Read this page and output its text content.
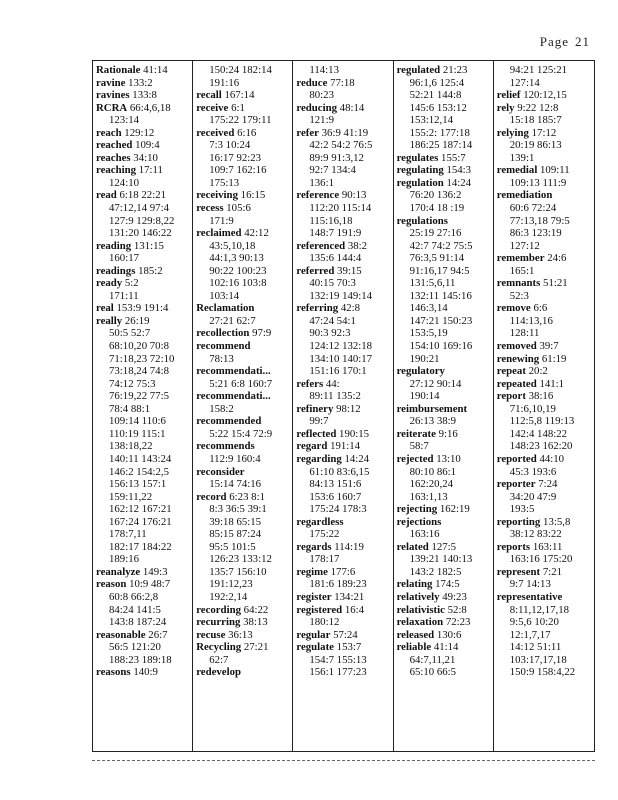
Page 21
Rationale 41:14
ravine 133:2
ravines 133:8
RCRA 66:4,6,18
123:14
reach 129:12
reached 109:4
reaches 34:10
reaching 17:11
124:10
read 6:18 22:21
47:12,14 97:4
127:9 129:8,22
131:20 146:22
reading 131:15
160:17
readings 185:2
ready 5:2
171:11
real 153:9 191:4
really 26:19
50:5 52:7
68:10,20 70:8
71:18,23 72:10
73:18,24 74:8
74:12 75:3
76:19,22 77:5
78:4 88:1
109:14 110:6
110:19 115:1
138:18,22
140:11 143:24
146:2 154:2,5
156:13 157:1
159:11,22
162:12 167:21
167:24 176:21
178:7,11
182:17 184:22
189:16
reanalyze 149:3
reason 10:9 48:7
60:8 66:2,8
84:24 141:5
143:8 187:24
reasonable 26:7
56:5 121:20
188:23 189:18
reasons 140:9
150:24 182:14
191:16
recall 167:14
receive 6:1
175:22 179:11
received 6:16
7:3 10:24
16:17 92:23
109:7 162:16
175:13
receiving 16:15
recess 105:6
171:9
reclaimed 42:12
43:5,10,18
44:1,3 90:13
90:22 100:23
102:16 103:8
103:14
Reclamation
27:21 62:7
recollection 97:9
recommend
78:13
recommendati...
5:21 6:8 160:7
recommendati...
158:2
recommended
5:22 15:4 72:9
recommends
112:9 160:4
reconsider
15:14 74:16
record 6:23 8:1
8:3 36:5 39:1
39:18 65:15
85:15 87:24
95:5 101:5
126:23 133:12
135:7 156:10
191:12,23
192:2,14
recording 64:22
recurring 38:13
recuse 36:13
Recycling 27:21
62:7
redevelop
114:13
reduce 77:18
80:23
reducing 48:14
121:9
refer 36:9 41:19
42:2 54:2 76:5
89:9 91:3,12
92:7 134:4
136:1
reference 90:13
112:20 115:14
115:16,18
148:7 191:9
referenced 38:2
135:6 144:4
referred 39:15
40:15 70:3
132:19 149:14
referring 42:8
47:24 54:1
90:3 92:3
124:12 132:18
134:10 140:17
151:16 170:1
refers 44:
89:11 135:2
refinery 98:12
99:7
reflected 190:15
regard 191:14
regarding 14:24
61:10 83:6,15
84:13 151:6
153:6 160:7
175:24 178:3
regardless
175:22
regards 114:19
178:17
regime 177:6
181:6 189:23
register 134:21
registered 16:4
180:12
regular 57:24
regulate 153:7
154:7 155:13
156:1 177:23
regulated 21:23
96:1,6 125:4
52:21 144:8
145:6 153:12
153:12,14
155:2: 177:18
186:25 187:14
regulates 155:7
regulating 154:3
regulation 14:24
76:20 136:2
170:4 18 :19
regulations
25:19 27:16
42:7 74:2 75:5
76:3,5 91:14
91:16,17 94:5
131:5,6,11
132:11 145:16
146:3,14
147:21 150:23
153:5,19
154:10 169:16
190:21
regulatory
27:12 90:14
190:14
reimbursement
26:13 38:9
reiterate 9:16
58:7
rejected 13:10
80:10 86:1
162:20,24
163:1,13
rejecting 162:19
rejections
163:16
related 127:5
139:21 140:13
143:2 182:5
relating 174:5
relatively 49:23
relativistic 52:8
relaxation 72:23
released 130:6
reliable 41:14
64:7,11,21
65:10 66:5
94:21 125:21
127:14
relief 120:12,15
rely 9:22 12:8
15:18 185:7
relying 17:12
20:19 86:13
139:1
remedial 109:11
109:13 111:9
remediation
60:6 72:24
77:13,18 79:5
86:3 123:19
127:12
remember 24:6
165:1
remnants 51:21
52:3
remove 6:6
114:13,16
128:11
removed 39:7
renewing 61:19
repeat 20:2
repeated 141:1
report 38:16
71:6,10,19
112:5,8 119:13
142:4 148:22
148:23 162:20
reported 44:10
45:3 193:6
reporter 7:24
34:20 47:9
193:5
reporting 13:5,8
38:12 83:22
reports 163:11
163:16 175:20
represent 7:21
9:7 14:13
representative
8:11,12,17,18
9:5,6 10:20
12:1,7,17
14:12 51:11
103:17,17,18
150:9 158:4,22
